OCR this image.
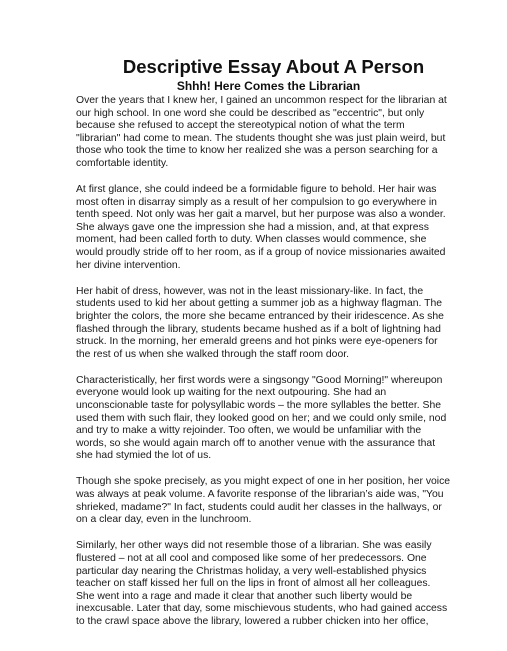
Descriptive Essay About A Person
Shhh! Here Comes the Librarian
Over the years that I knew her, I gained an uncommon respect for the librarian at
our high school. In one word she could be described as "eccentric", but only
because she refused to accept the stereotypical notion of what the term
"librarian" had come to mean. The students thought she was just plain weird, but
those who took the time to know her realized she was a person searching for a
comfortable identity.
At first glance, she could indeed be a formidable figure to behold. Her hair was
most often in disarray simply as a result of her compulsion to go everywhere in
tenth speed. Not only was her gait a marvel, but her purpose was also a wonder.
She always gave one the impression she had a mission, and, at that express
moment, had been called forth to duty. When classes would commence, she
would proudly stride off to her room, as if a group of novice missionaries awaited
her divine intervention.
Her habit of dress, however, was not in the least missionary-like. In fact, the
students used to kid her about getting a summer job as a highway flagman. The
brighter the colors, the more she became entranced by their iridescence. As she
flashed through the library, students became hushed as if a bolt of lightning had
struck. In the morning, her emerald greens and hot pinks were eye-openers for
the rest of us when she walked through the staff room door.
Characteristically, her first words were a singsongy "Good Morning!" whereupon
everyone would look up waiting for the next outpouring. She had an
unconscionable taste for polysyllabic words – the more syllables the better. She
used them with such flair, they looked good on her; and we could only smile, nod
and try to make a witty rejoinder. Too often, we would be unfamiliar with the
words, so she would again march off to another venue with the assurance that
she had stymied the lot of us.
Though she spoke precisely, as you might expect of one in her position, her voice
was always at peak volume. A favorite response of the librarian’s aide was, "You
shrieked, madame?" In fact, students could audit her classes in the hallways, or
on a clear day, even in the lunchroom.
Similarly, her other ways did not resemble those of a librarian. She was easily
flustered – not at all cool and composed like some of her predecessors. One
particular day nearing the Christmas holiday, a very well-established physics
teacher on staff kissed her full on the lips in front of almost all her colleagues.
She went into a rage and made it clear that another such liberty would be
inexcusable. Later that day, some mischievous students, who had gained access
to the crawl space above the library, lowered a rubber chicken into her office,
